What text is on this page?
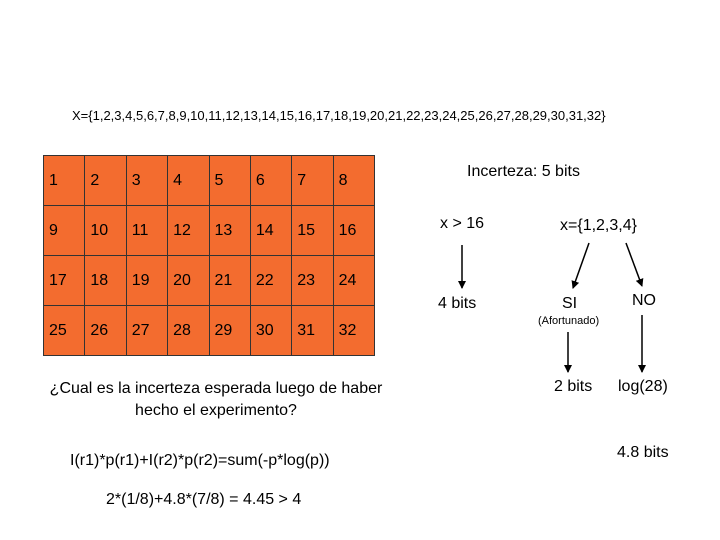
X={1,2,3,4,5,6,7,8,9,10,11,12,13,14,15,16,17,18,19,20,21,22,23,24,25,26,27,28,29,30,31,32}
1	2	3	4	5	6	7	8
9	10	11	12	13	14	15	16
17	18	19	20	21	22	23	24
25	26	27	28	29	30	31	32
¿Cual es la incerteza esperada luego de haber hecho el experimento?
I(r1)*p(r1)+I(r2)*p(r2)=sum(-p*log(p))
2*(1/8)+4.8*(7/8) = 4.45 > 4
Incerteza: 5 bits
x > 16	x={1,2,3,4}
4 bits	SI	NO
(Afortunado)
2 bits log(28)
4.8 bits
